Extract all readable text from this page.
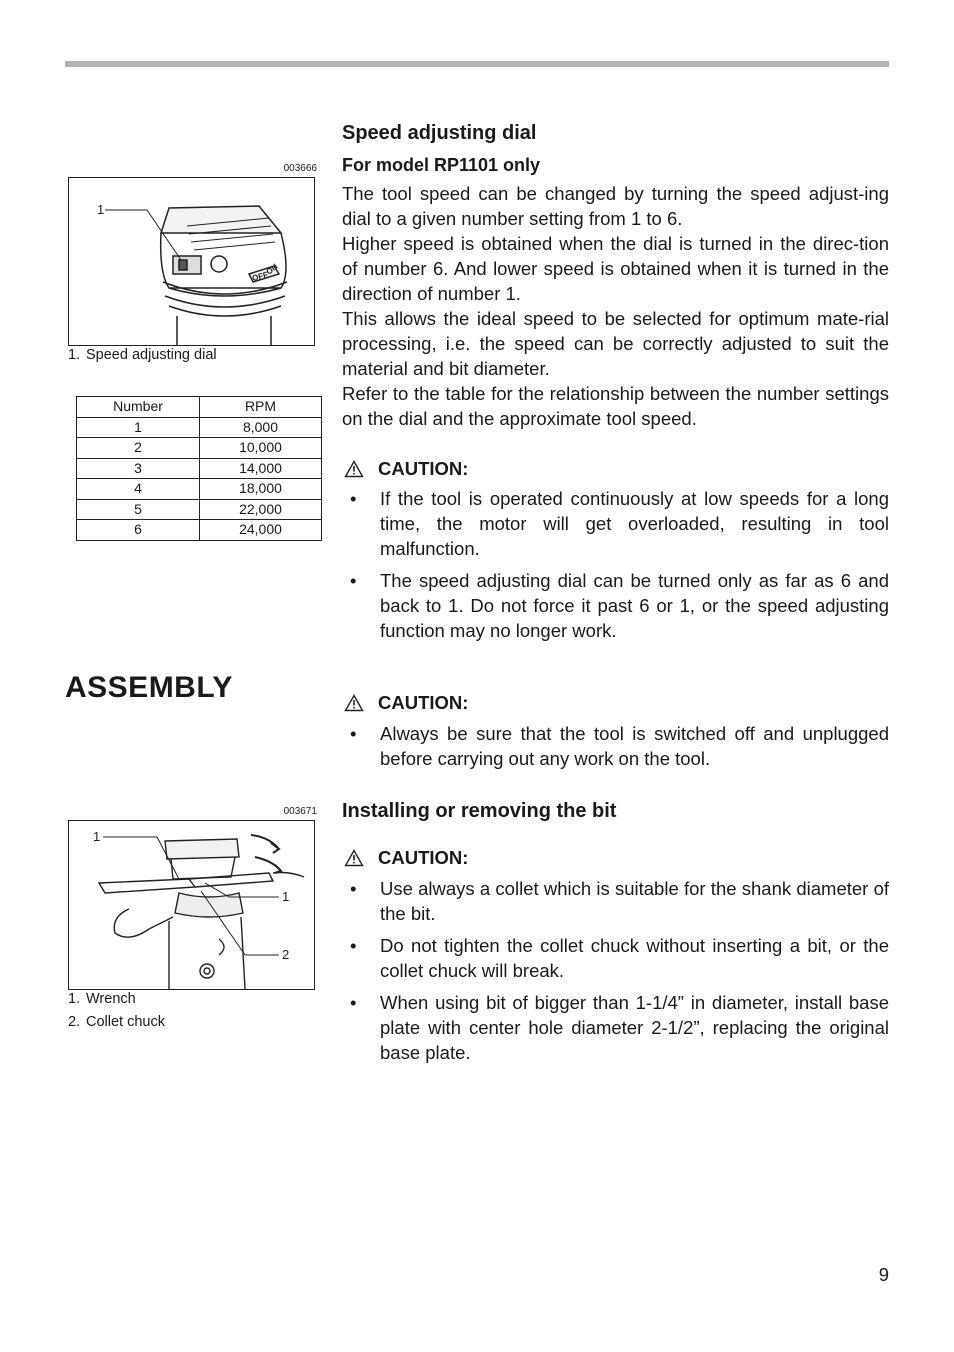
003666
OFF
ON
1
1. Speed adjusting dial
Number	RPM
1	8,000
2	10,000
3	14,000
4	18,000
5	22,000
6	24,000
ASSEMBLY
003671
1
1
2
1. Wrench
2. Collet chuck
Speed adjusting dial
For model RP1101 only

The tool speed can be changed by turning the speed adjust-ing dial to a given number setting from 1 to 6.

Higher speed is obtained when the dial is turned in the direc-tion of number 6. And lower speed is obtained when it is turned in the direction of number 1.

This allows the ideal speed to be selected for optimum mate-rial processing, i.e. the speed can be correctly adjusted to suit the material and bit diameter.

Refer to the table for the relationship between the number settings on the dial and the approximate tool speed.

CAUTION:
• If the tool is operated continuously at low speeds for a long time, the motor will get overloaded, resulting in tool malfunction.
• The speed adjusting dial can be turned only as far as 6 and back to 1. Do not force it past 6 or 1, or the speed adjusting function may no longer work.
CAUTION:
• Always be sure that the tool is switched off and unplugged before carrying out any work on the tool.
Installing or removing the bit
CAUTION:
• Use always a collet which is suitable for the shank diameter of the bit.
• Do not tighten the collet chuck without inserting a bit, or the collet chuck will break.
• When using bit of bigger than 1-1/4” in diameter, install base plate with center hole diameter 2-1/2”, replacing the original base plate.
9
